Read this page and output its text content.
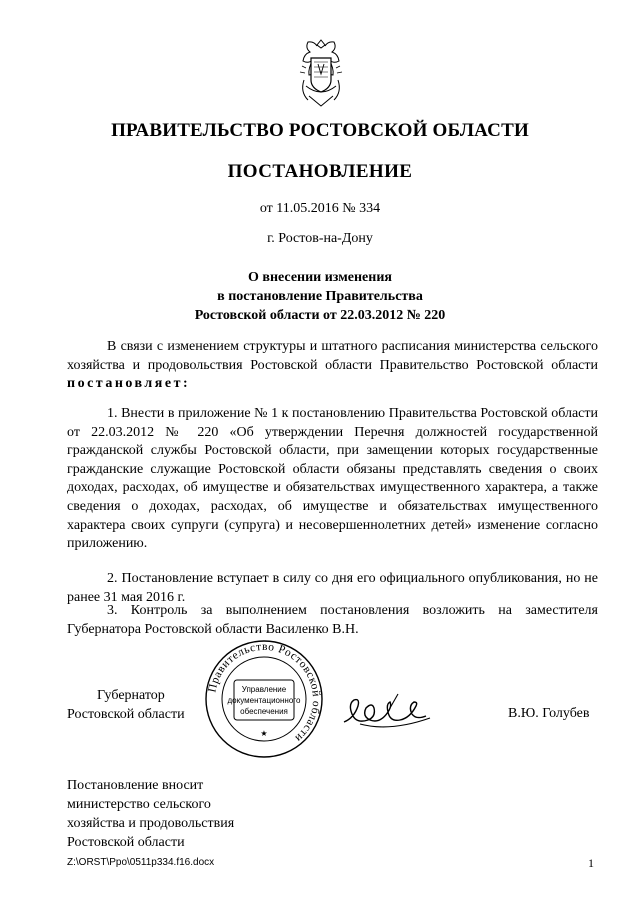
ПРАВИТЕЛЬСТВО РОСТОВСКОЙ ОБЛАСТИ
ПОСТАНОВЛЕНИЕ
от 11.05.2016 № 334
г. Ростов-на-Дону
О внесении изменения
в постановление Правительства
Ростовской области от 22.03.2012 № 220
В связи с изменением структуры и штатного расписания министерства сельского хозяйства и продовольствия Ростовской области Правительство Ростовской области постановляет:
1. Внести в приложение № 1 к постановлению Правительства Ростовской области от 22.03.2012 № 220 «Об утверждении Перечня должностей государственной гражданской службы Ростовской области, при замещении которых государственные гражданские служащие Ростовской области обязаны представлять сведения о своих доходах, расходах, об имуществе и обязательствах имущественного характера, а также сведения о доходах, расходах, об имуществе и обязательствах имущественного характера своих супруги (супруга) и несовершеннолетних детей» изменение согласно приложению.
2. Постановление вступает в силу со дня его официального опубликования, но не ранее 31 мая 2016 г.
3. Контроль за выполнением постановления возложить на заместителя Губернатора Ростовской области Василенко В.Н.
Губернатор
Ростовской области
Правительство Ростовской области
Управление
документационного
обеспечения
★
В.Ю. Голубев
Постановление вносит
министерство сельского
хозяйства и продовольствия
Ростовской области
Z:\ORST\Ppo\0511p334.f16.docx	1
